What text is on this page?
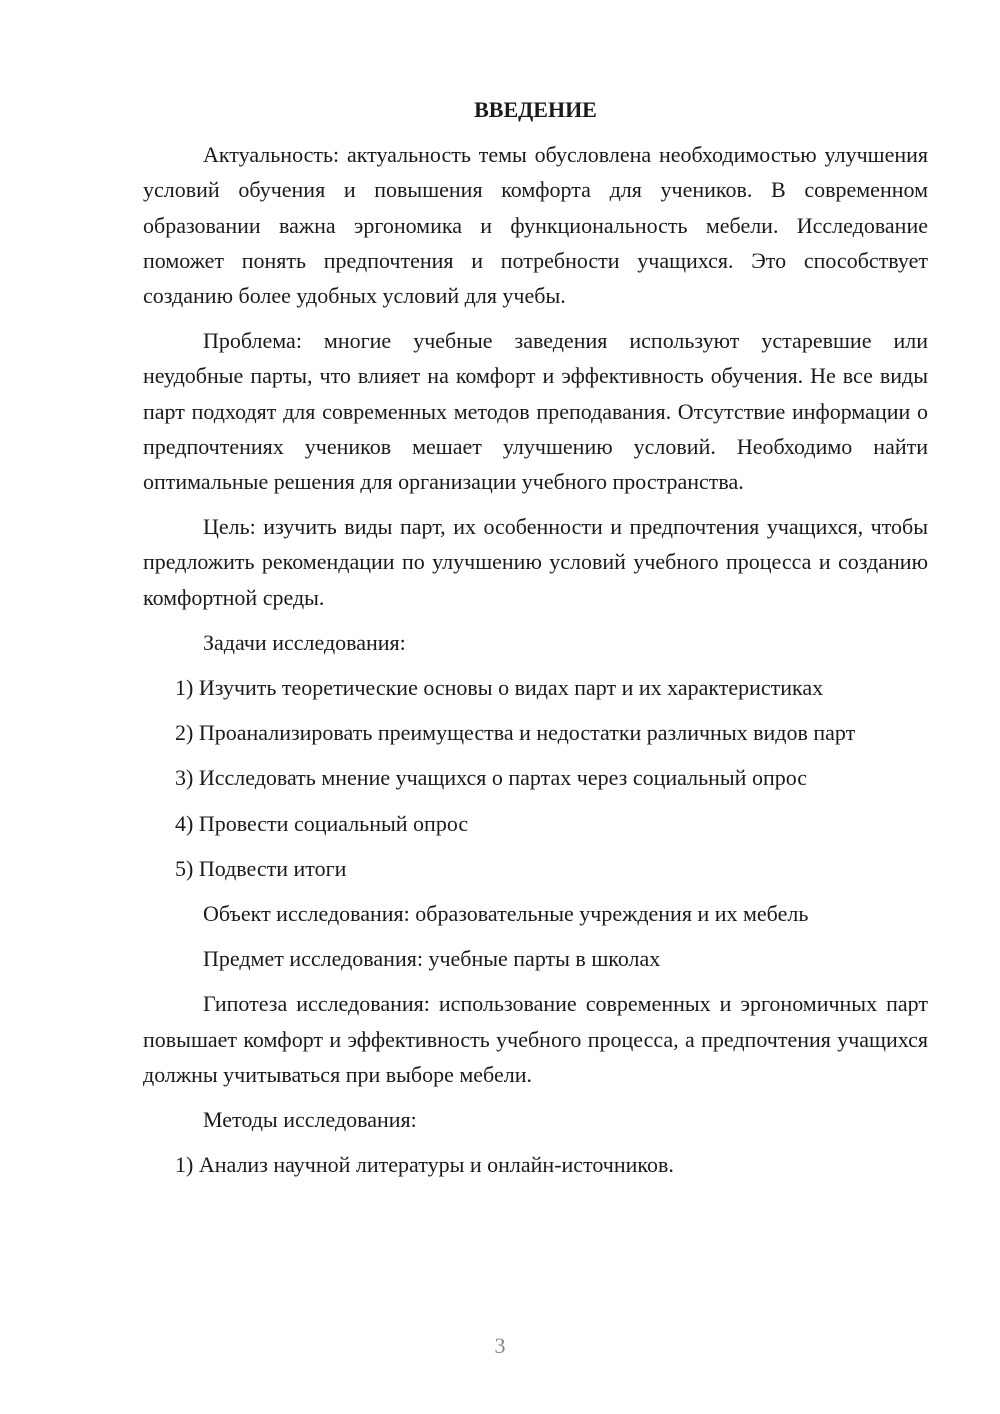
ВВЕДЕНИЕ

Актуальность: актуальность темы обусловлена необходимостью улучшения условий обучения и повышения комфорта для учеников. В современном образовании важна эргономика и функциональность мебели. Исследование поможет понять предпочтения и потребности учащихся. Это способствует созданию более удобных условий для учебы.

Проблема: многие учебные заведения используют устаревшие или неудобные парты, что влияет на комфорт и эффективность обучения. Не все виды парт подходят для современных методов преподавания. Отсутствие информации о предпочтениях учеников мешает улучшению условий. Необходимо найти оптимальные решения для организации учебного пространства.

Цель: изучить виды парт, их особенности и предпочтения учащихся, чтобы предложить рекомендации по улучшению условий учебного процесса и созданию комфортной среды.

Задачи исследования:

1) Изучить теоретические основы о видах парт и их характеристиках

2) Проанализировать преимущества и недостатки различных видов парт

3) Исследовать мнение учащихся о партах через социальный опрос

4) Провести социальный опрос

5) Подвести итоги

Объект исследования: образовательные учреждения и их мебель

Предмет исследования: учебные парты в школах

Гипотеза исследования: использование современных и эргономичных парт повышает комфорт и эффективность учебного процесса, а предпочтения учащихся должны учитываться при выборе мебели.

Методы исследования:

1) Анализ научной литературы и онлайн-источников.

3
